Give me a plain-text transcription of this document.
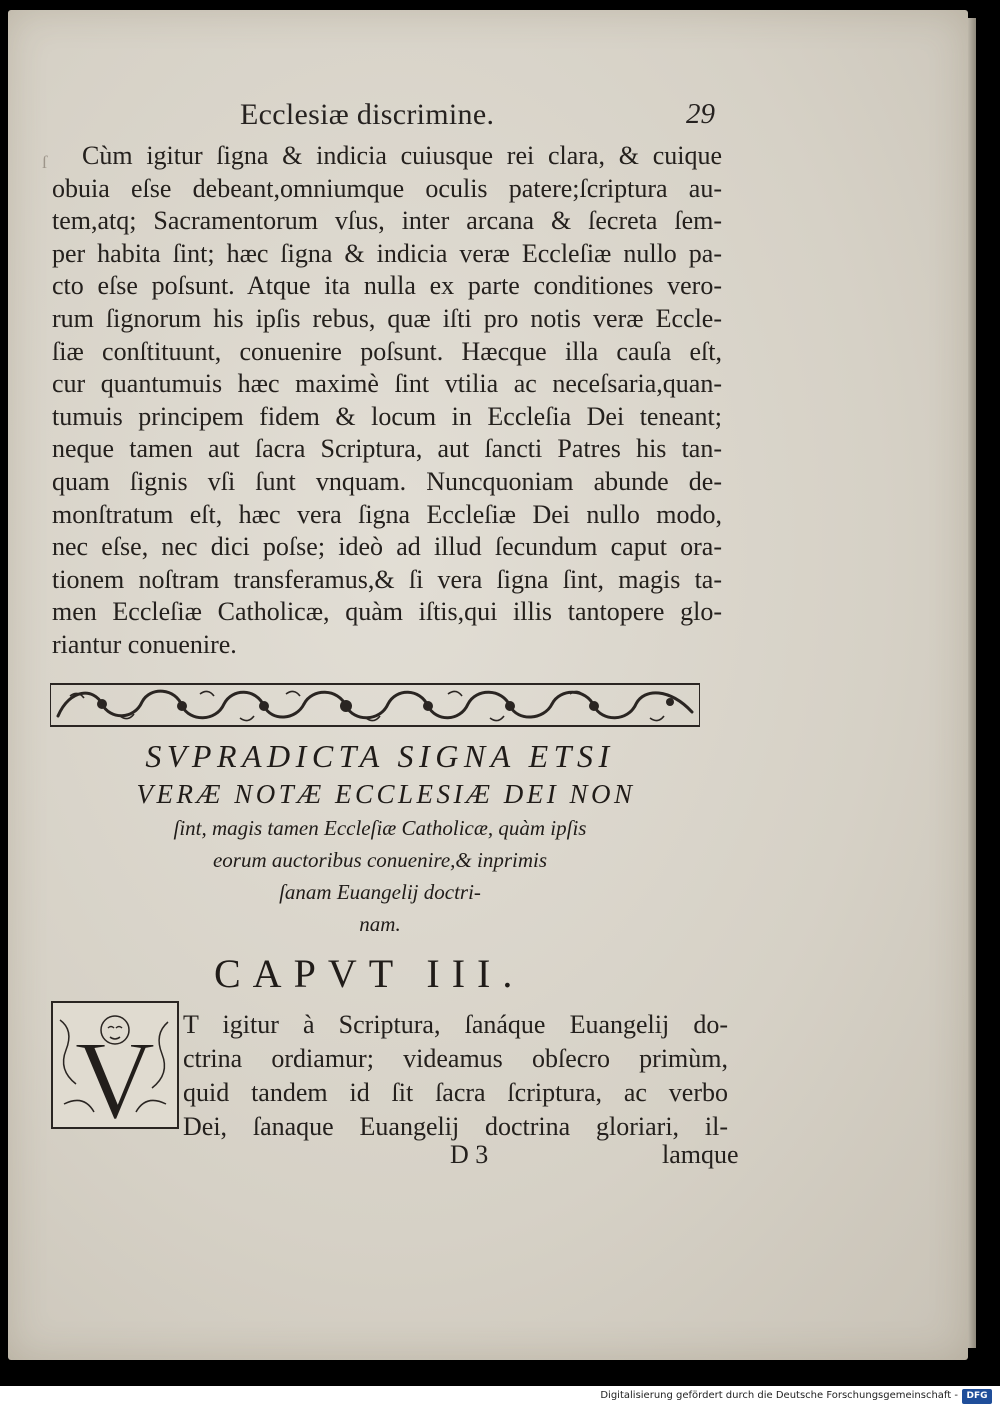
ſ
Ecclesiæ discrimine.	29
Cùm igitur ſigna & indicia cuiusque rei clara, & cuique
obuia eſse debeant,omniumque oculis patere;ſcriptura au-
tem,atq; Sacramentorum vſus, inter arcana & ſecreta ſem-
per habita ſint; hæc ſigna & indicia veræ Eccleſiæ nullo pa-
cto eſse poſsunt. Atque ita nulla ex parte conditiones vero-
rum ſignorum his ipſis rebus, quæ iſti pro notis veræ Eccle-
ſiæ conſtituunt, conuenire poſsunt. Hæcque illa cauſa eſt,
cur quantumuis hæc maximè ſint vtilia ac neceſsaria,quan-
tumuis principem fidem & locum in Eccleſia Dei teneant;
neque tamen aut ſacra Scriptura, aut ſancti Patres his tan-
quam ſignis vſi ſunt vnquam. Nuncquoniam abunde de-
monſtratum eſt, hæc vera ſigna Eccleſiæ Dei nullo modo,
nec eſse, nec dici poſse; ideò ad illud ſecundum caput ora-
tionem noſtram transferamus,& ſi vera ſigna ſint, magis ta-
men Eccleſiæ Catholicæ, quàm iſtis,qui illis tantopere glo-
riantur conuenire.
SVPRADICTA SIGNA ETSI
VERÆ NOTÆ ECCLESIÆ DEI NON
ſint, magis tamen Eccleſiæ Catholicæ, quàm ipſis
eorum auctoribus conuenire,& inprimis
ſanam Euangelij doctri-
nam.
CAPVT III.
V T igitur à Scriptura, ſanáque Euangelij do-
ctrina ordiamur; videamus obſecro primùm,
quid tandem id ſit ſacra ſcriptura, ac verbo
Dei, ſanaque Euangelij doctrina gloriari, il-
D 3	lamque
Digitalisierung gefördert durch die Deutsche Forschungsgemeinschaft - DFG
